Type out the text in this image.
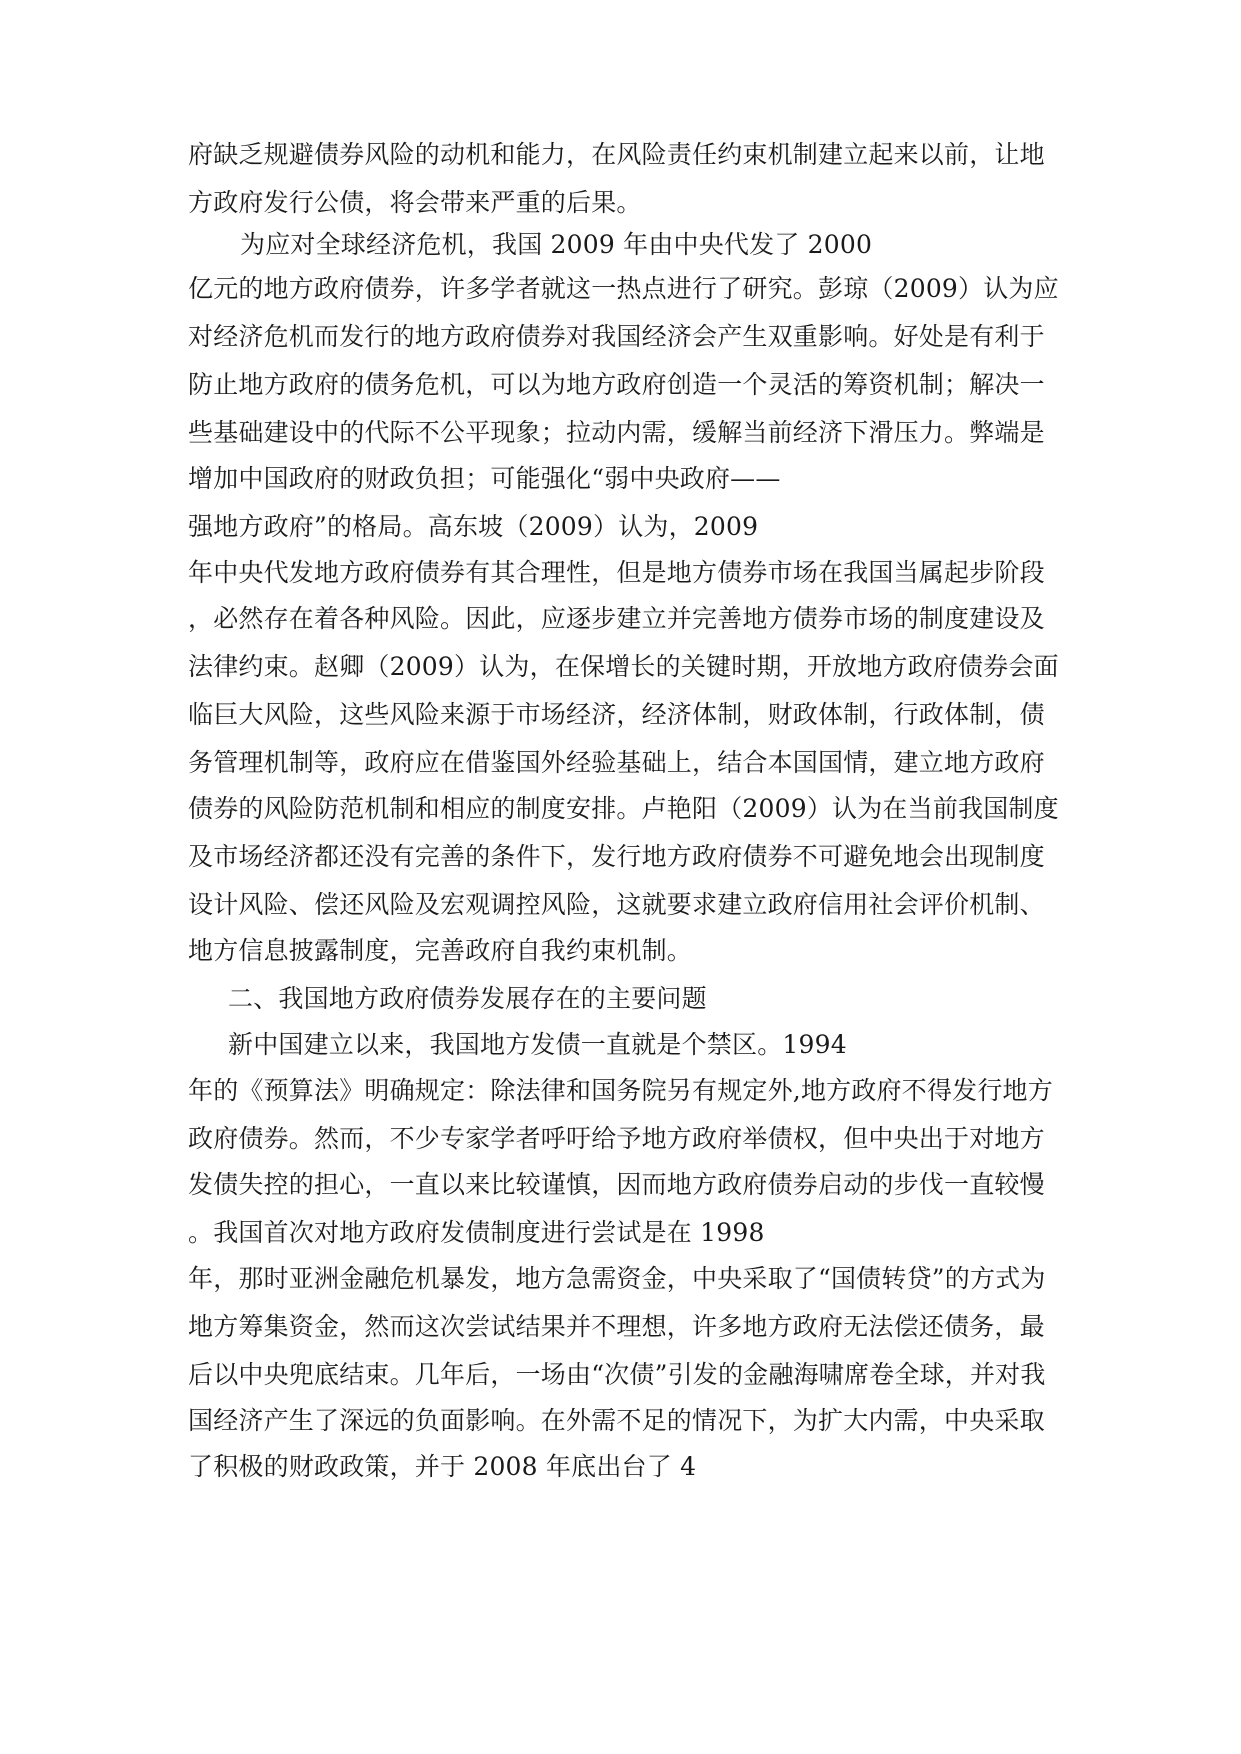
府缺乏规避债券风险的动机和能力，在风险责任约束机制建立起来以前，让地
方政府发行公债，将会带来严重的后果。
为应对全球经济危机，我国 2009 年由中央代发了 2000
亿元的地方政府债券，许多学者就这一热点进行了研究。彭琼（2009）认为应
对经济危机而发行的地方政府债券对我国经济会产生双重影响。好处是有利于
防止地方政府的债务危机，可以为地方政府创造一个灵活的筹资机制；解决一
些基础建设中的代际不公平现象；拉动内需，缓解当前经济下滑压力。弊端是
增加中国政府的财政负担；可能强化“弱中央政府——
强地方政府”的格局。高东坡（2009）认为，2009
年中央代发地方政府债券有其合理性，但是地方债券市场在我国当属起步阶段
，必然存在着各种风险。因此，应逐步建立并完善地方债券市场的制度建设及
法律约束。赵卿（2009）认为，在保增长的关键时期，开放地方政府债券会面
临巨大风险，这些风险来源于市场经济，经济体制，财政体制，行政体制，债
务管理机制等，政府应在借鉴国外经验基础上，结合本国国情，建立地方政府
债券的风险防范机制和相应的制度安排。卢艳阳（2009）认为在当前我国制度
及市场经济都还没有完善的条件下，发行地方政府债券不可避免地会出现制度
设计风险、偿还风险及宏观调控风险，这就要求建立政府信用社会评价机制、
地方信息披露制度，完善政府自我约束机制。
二、我国地方政府债券发展存在的主要问题
新中国建立以来，我国地方发债一直就是个禁区。1994
年的《预算法》明确规定：除法律和国务院另有规定外,地方政府不得发行地方
政府债券。然而，不少专家学者呼吁给予地方政府举债权，但中央出于对地方
发债失控的担心，一直以来比较谨慎，因而地方政府债券启动的步伐一直较慢
。我国首次对地方政府发债制度进行尝试是在 1998
年，那时亚洲金融危机暴发，地方急需资金，中央采取了“国债转贷”的方式为
地方筹集资金，然而这次尝试结果并不理想，许多地方政府无法偿还债务，最
后以中央兜底结束。几年后，一场由“次债”引发的金融海啸席卷全球，并对我
国经济产生了深远的负面影响。在外需不足的情况下，为扩大内需，中央采取
了积极的财政政策，并于 2008 年底出台了 4
